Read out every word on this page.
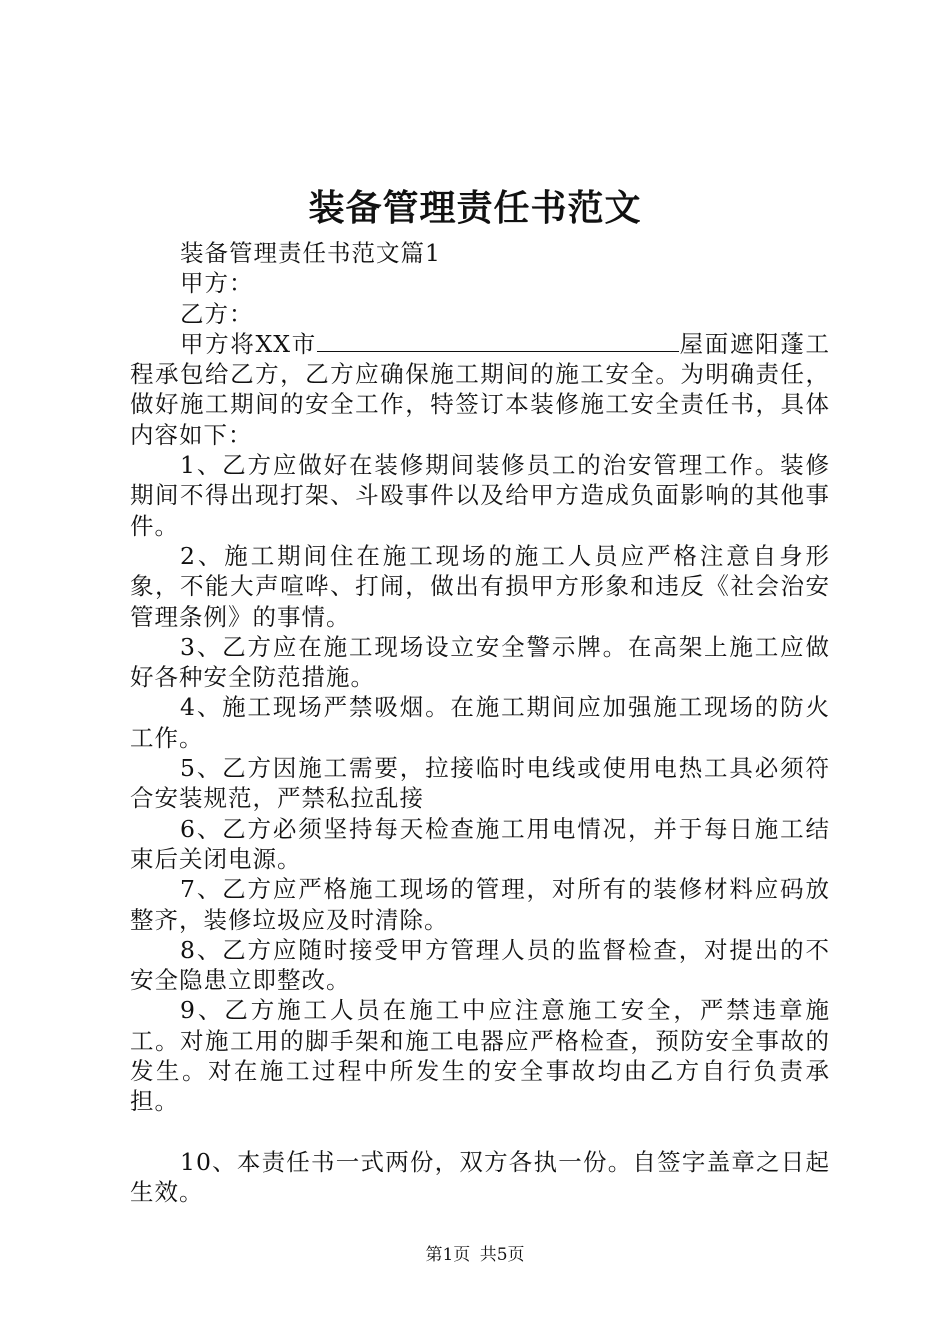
装备管理责任书范文

装备管理责任书范文篇1

甲方：

乙方：

甲方将XX市	屋面遮阳蓬工程承包给乙方，乙方应确保施工期间的施工安全。为明确责任，做好施工期间的安全工作，特签订本装修施工安全责任书，具体内容如下：

1、乙方应做好在装修期间装修员工的治安管理工作。装修期间不得出现打架、斗殴事件以及给甲方造成负面影响的其他事件。

2、施工期间住在施工现场的施工人员应严格注意自身形象，不能大声喧哗、打闹，做出有损甲方形象和违反《社会治安管理条例》的事情。

3、乙方应在施工现场设立安全警示牌。在高架上施工应做好各种安全防范措施。

4、施工现场严禁吸烟。在施工期间应加强施工现场的防火工作。

5、乙方因施工需要，拉接临时电线或使用电热工具必须符合安装规范，严禁私拉乱接

6、乙方必须坚持每天检查施工用电情况，并于每日施工结束后关闭电源。

7、乙方应严格施工现场的管理，对所有的装修材料应码放整齐，装修垃圾应及时清除。

8、乙方应随时接受甲方管理人员的监督检查，对提出的不安全隐患立即整改。

9、乙方施工人员在施工中应注意施工安全，严禁违章施工。对施工用的脚手架和施工电器应严格检查，预防安全事故的发生。对在施工过程中所发生的安全事故均由乙方自行负责承担。

10、本责任书一式两份，双方各执一份。自签字盖章之日起生效。

第1页 共5页
